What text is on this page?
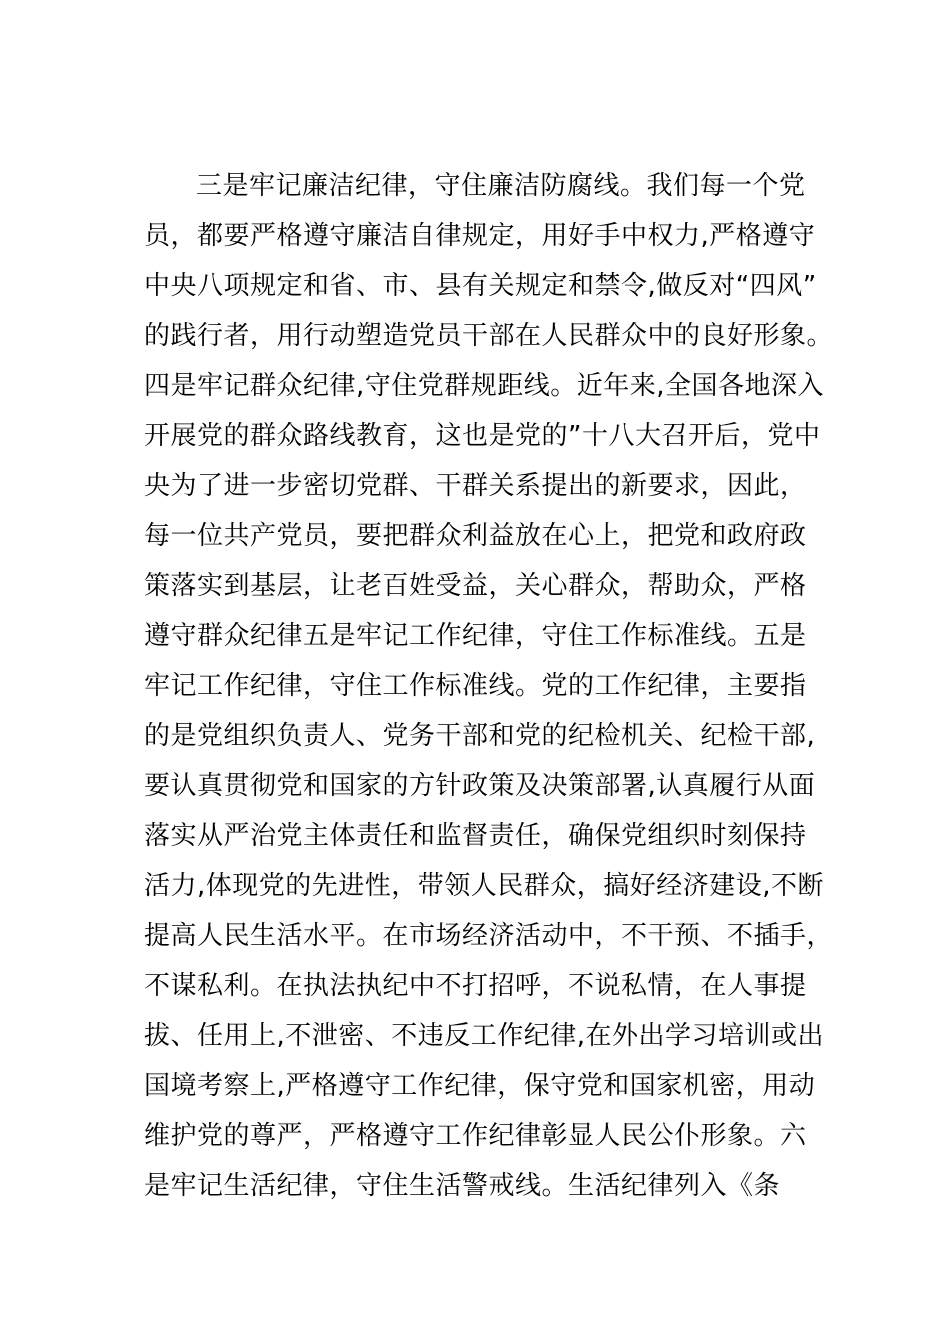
三是牢记廉洁纪律，守住廉洁防腐线。我们每一个党
员，都要严格遵守廉洁自律规定，用好手中权力,严格遵守
中央八项规定和省、市、县有关规定和禁令,做反对“四风”
的践行者，用行动塑造党员干部在人民群众中的良好形象。
四是牢记群众纪律,守住党群规距线。近年来,全国各地深入
开展党的群众路线教育，这也是党的”十八大召开后，党中
央为了进一步密切党群、干群关系提出的新要求，因此，
每一位共产党员，要把群众利益放在心上，把党和政府政
策落实到基层，让老百姓受益，关心群众，帮助众，严格
遵守群众纪律五是牢记工作纪律，守住工作标准线。五是
牢记工作纪律，守住工作标准线。党的工作纪律，主要指
的是党组织负责人、党务干部和党的纪检机关、纪检干部,
要认真贯彻党和国家的方针政策及决策部署,认真履行从面
落实从严治党主体责任和监督责任，确保党组织时刻保持
活力,体现党的先进性，带领人民群众，搞好经济建设,不断
提高人民生活水平。在市场经济活动中，不干预、不插手，
不谋私利。在执法执纪中不打招呼，不说私情，在人事提
拔、任用上,不泄密、不违反工作纪律,在外出学习培训或出
国境考察上,严格遵守工作纪律，保守党和国家机密，用动
维护党的尊严，严格遵守工作纪律彰显人民公仆形象。六
是牢记生活纪律，守住生活警戒线。生活纪律列入《条
